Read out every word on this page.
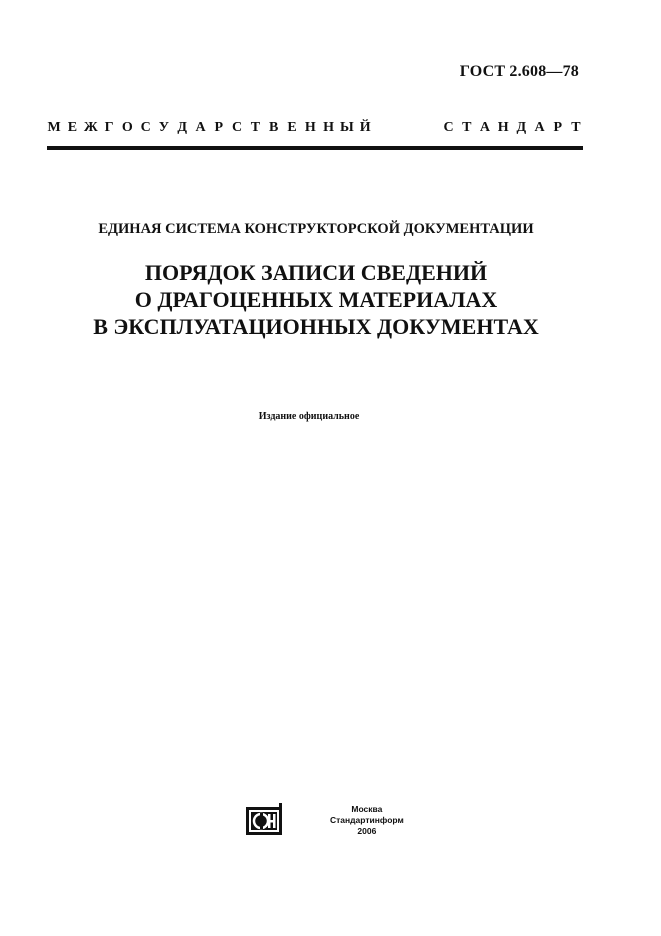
ГОСТ 2.608—78
М Е Ж Г О С У Д А Р С Т В Е Н Н Ы Й	С Т А Н Д А Р Т
ЕДИНАЯ СИСТЕМА КОНСТРУКТОРСКОЙ ДОКУМЕНТАЦИИ
ПОРЯДОК ЗАПИСИ СВЕДЕНИЙ
О ДРАГОЦЕННЫХ МАТЕРИАЛАХ
В ЭКСПЛУАТАЦИОННЫХ ДОКУМЕНТАХ
Издание официальное
Москва
Стандартинформ
2006
